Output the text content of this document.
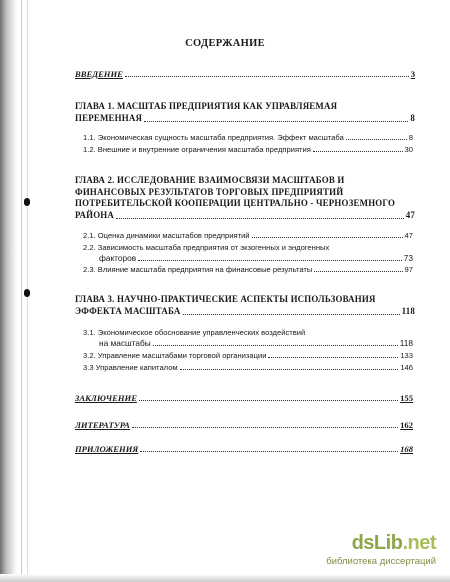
СОДЕРЖАНИЕ
ВВЕДЕНИЕ	3
ГЛАВА 1. МАСШТАБ ПРЕДПРИЯТИЯ КАК УПРАВЛЯЕМАЯ
ПЕРЕМЕННАЯ	8
1.1. Экономическая сущность масштаба предприятия. Эффект масштаба	8
1.2. Внешние и внутренние ограничения масштаба предприятия	30
ГЛАВА 2. ИССЛЕДОВАНИЕ ВЗАИМОСВЯЗИ МАСШТАБОВ И
ФИНАНСОВЫХ РЕЗУЛЬТАТОВ ТОРГОВЫХ ПРЕДПРИЯТИЙ
ПОТРЕБИТЕЛЬСКОЙ КООПЕРАЦИИ ЦЕНТРАЛЬНО - ЧЕРНОЗЕМНОГО
РАЙОНА	47
2.1. Оценка динамики масштабов предприятий	47
2.2. Зависимость масштаба предприятия от экзогенных и эндогенных
факторов	73
2.3. Влияние масштаба предприятия на финансовые результаты	97
ГЛАВА 3. НАУЧНО-ПРАКТИЧЕСКИЕ АСПЕКТЫ ИСПОЛЬЗОВАНИЯ
ЭФФЕКТА МАСШТАБА	118
3.1. Экономическое обоснование управленческих воздействий
на масштабы	118
3.2. Управление масштабами торговой организации	133
3.3 Управление капиталом	146
ЗАКЛЮЧЕНИЕ	155
ЛИТЕРАТУРА	162
ПРИЛОЖЕНИЯ	168
dsLib.net
библиотека диссертаций
